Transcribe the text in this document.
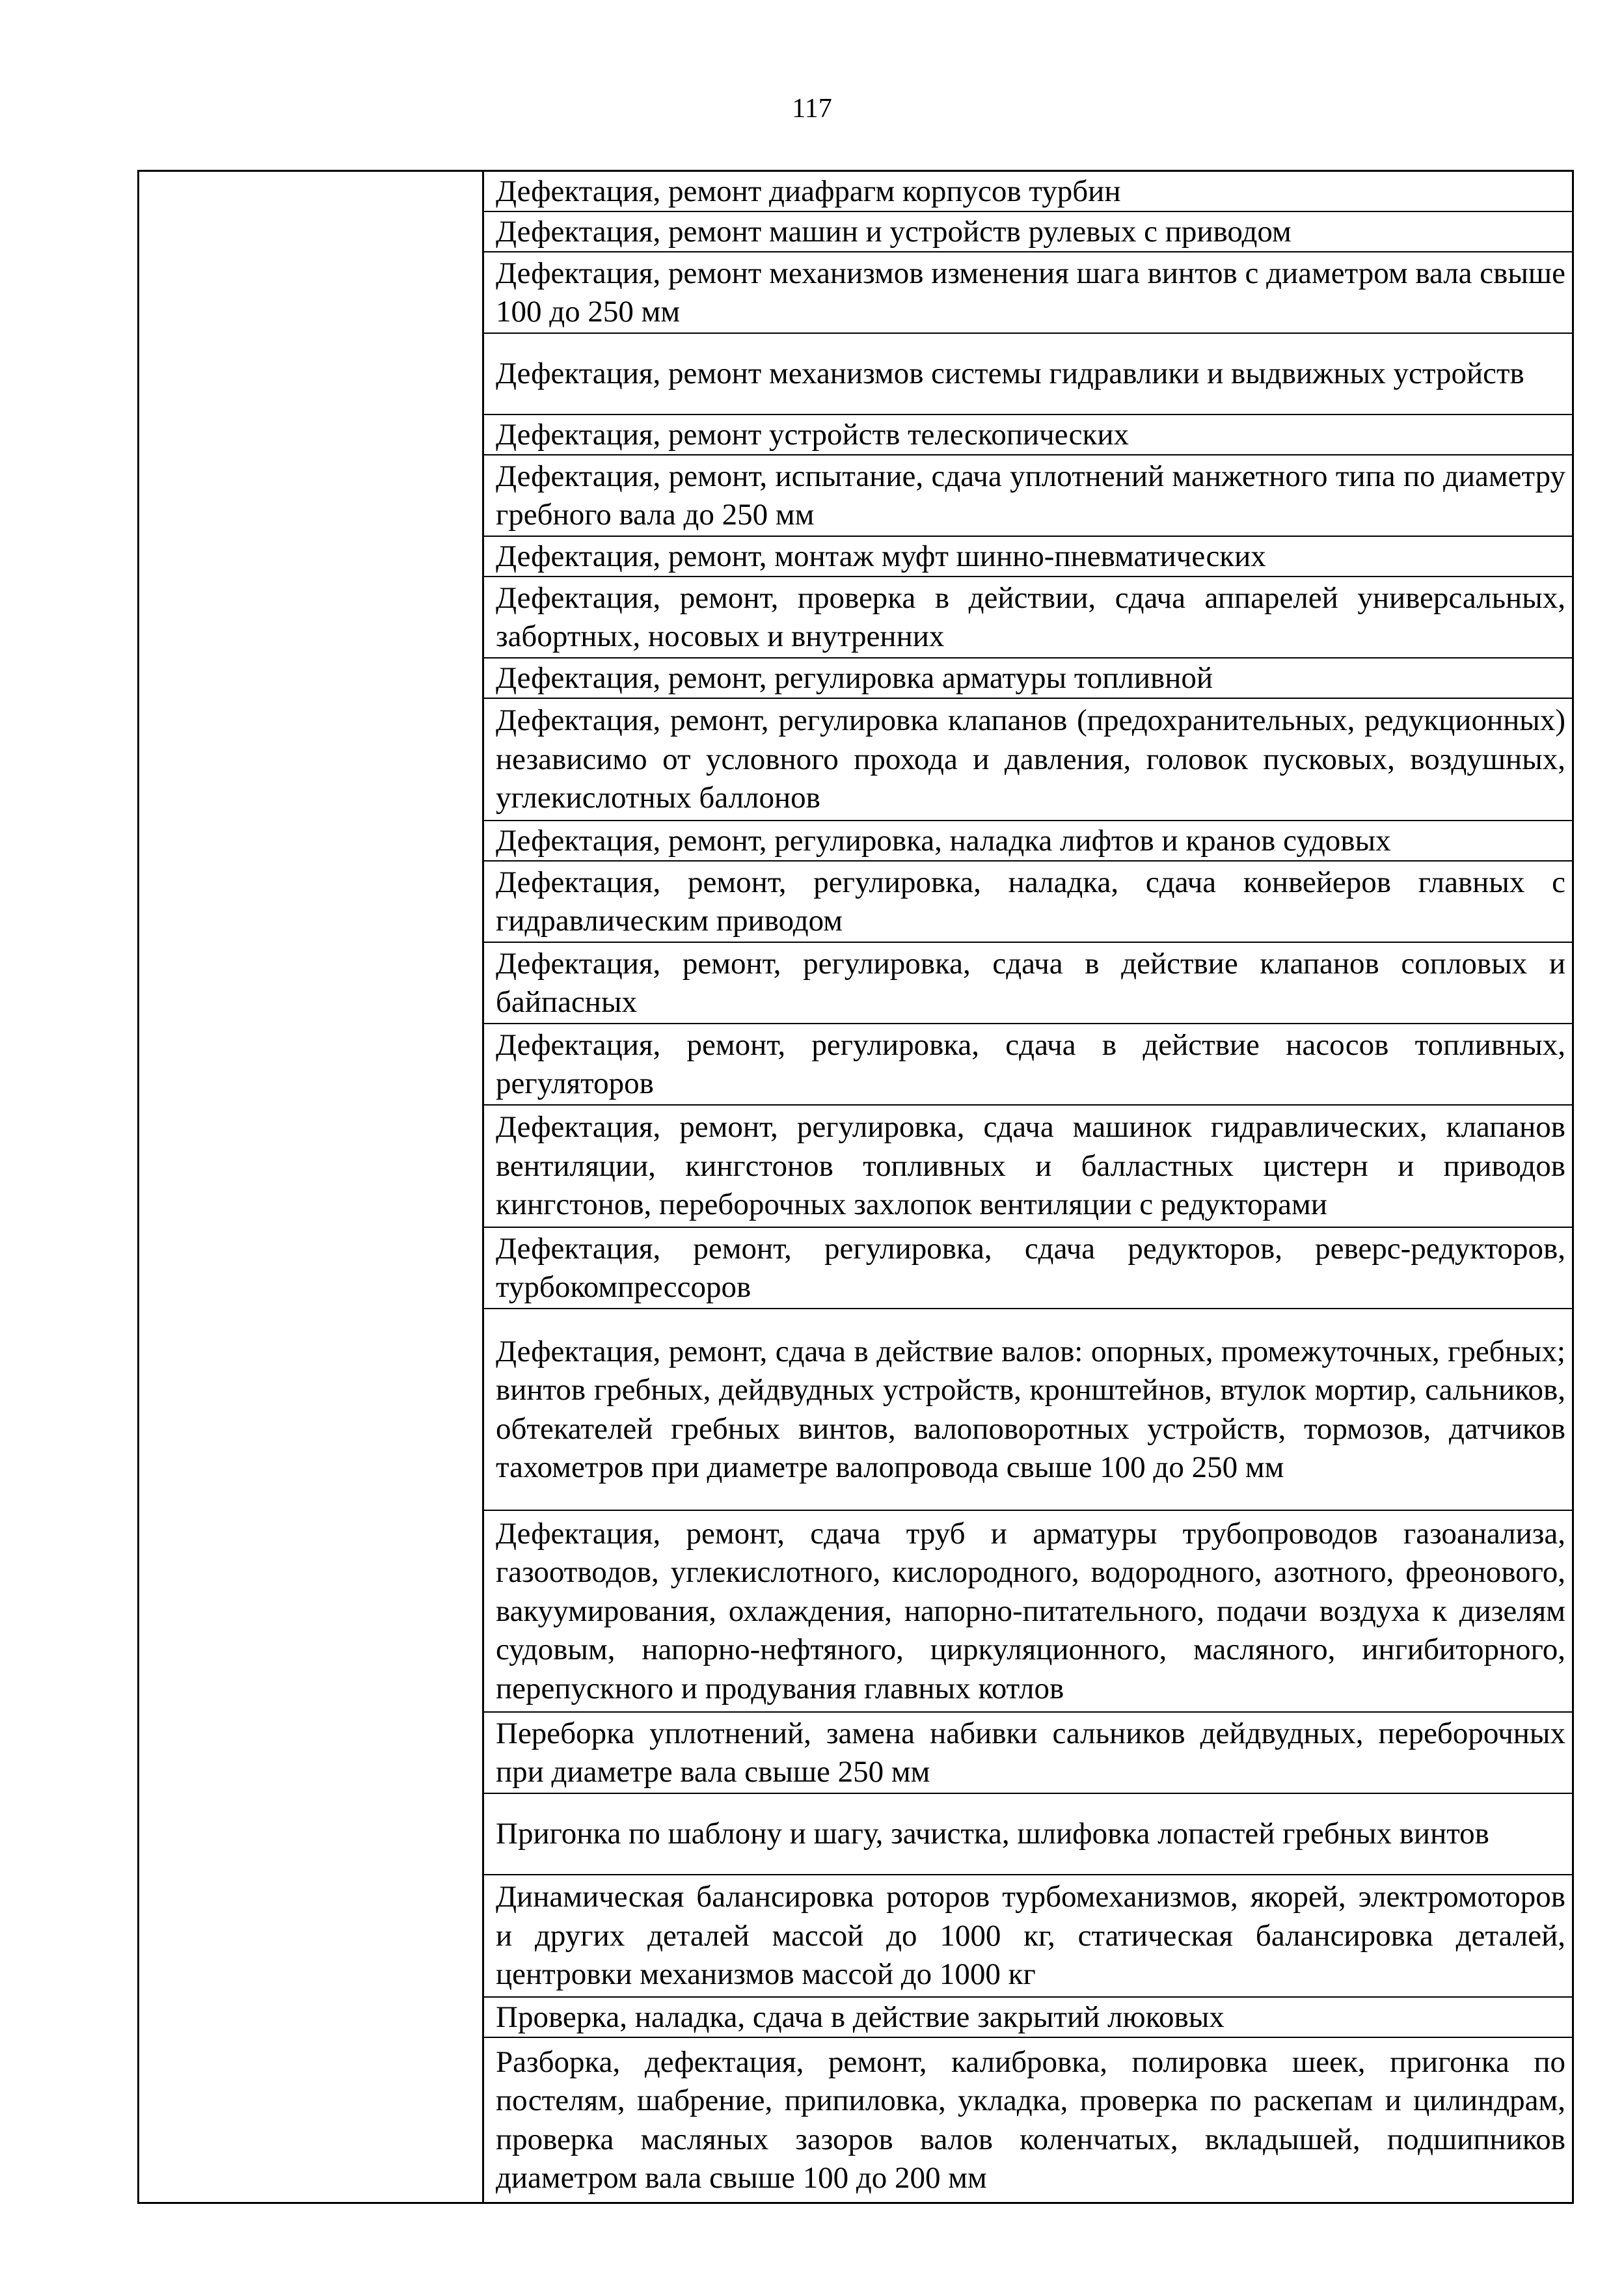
117
Дефектация, ремонт диафрагм корпусов турбин
Дефектация, ремонт машин и устройств рулевых с приводом
Дефектация, ремонт механизмов изменения шага винтов с диаметром вала свыше 100 до 250 мм
Дефектация, ремонт механизмов системы гидравлики и выдвижных устройств
Дефектация, ремонт устройств телескопических
Дефектация, ремонт, испытание, сдача уплотнений манжетного типа по диаметру гребного вала до 250 мм
Дефектация, ремонт, монтаж муфт шинно-пневматических
Дефектация, ремонт, проверка в действии, сдача аппарелей универсальных, забортных, носовых и внутренних
Дефектация, ремонт, регулировка арматуры топливной
Дефектация, ремонт, регулировка клапанов (предохранительных, редукционных) независимо от условного прохода и давления, головок пусковых, воздушных, углекислотных баллонов
Дефектация, ремонт, регулировка, наладка лифтов и кранов судовых
Дефектация, ремонт, регулировка, наладка, сдача конвейеров главных с гидравлическим приводом
Дефектация, ремонт, регулировка, сдача в действие клапанов сопловых и байпасных
Дефектация, ремонт, регулировка, сдача в действие насосов топливных, регуляторов
Дефектация, ремонт, регулировка, сдача машинок гидравлических, клапанов вентиляции, кингстонов топливных и балластных цистерн и приводов кингстонов, переборочных захлопок вентиляции с редукторами
Дефектация, ремонт, регулировка, сдача редукторов, реверс-редукторов, турбокомпрессоров
Дефектация, ремонт, сдача в действие валов: опорных, промежуточных, гребных; винтов гребных, дейдвудных устройств, кронштейнов, втулок мортир, сальников, обтекателей гребных винтов, валоповоротных устройств, тормозов, датчиков тахометров при диаметре валопровода свыше 100 до 250 мм
Дефектация, ремонт, сдача труб и арматуры трубопроводов газоанализа, газоотводов, углекислотного, кислородного, водородного, азотного, фреонового, вакуумирования, охлаждения, напорно-питательного, подачи воздуха к дизелям судовым, напорно-нефтяного, циркуляционного, масляного, ингибиторного, перепускного и продувания главных котлов
Переборка уплотнений, замена набивки сальников дейдвудных, переборочных при диаметре вала свыше 250 мм
Пригонка по шаблону и шагу, зачистка, шлифовка лопастей гребных винтов
Динамическая балансировка роторов турбомеханизмов, якорей, электромоторов и других деталей массой до 1000 кг, статическая балансировка деталей, центровки механизмов массой до 1000 кг
Проверка, наладка, сдача в действие закрытий люковых
Разборка, дефектация, ремонт, калибровка, полировка шеек, пригонка по постелям, шабрение, припиловка, укладка, проверка по раскепам и цилиндрам, проверка масляных зазоров валов коленчатых, вкладышей, подшипников диаметром вала свыше 100 до 200 мм
